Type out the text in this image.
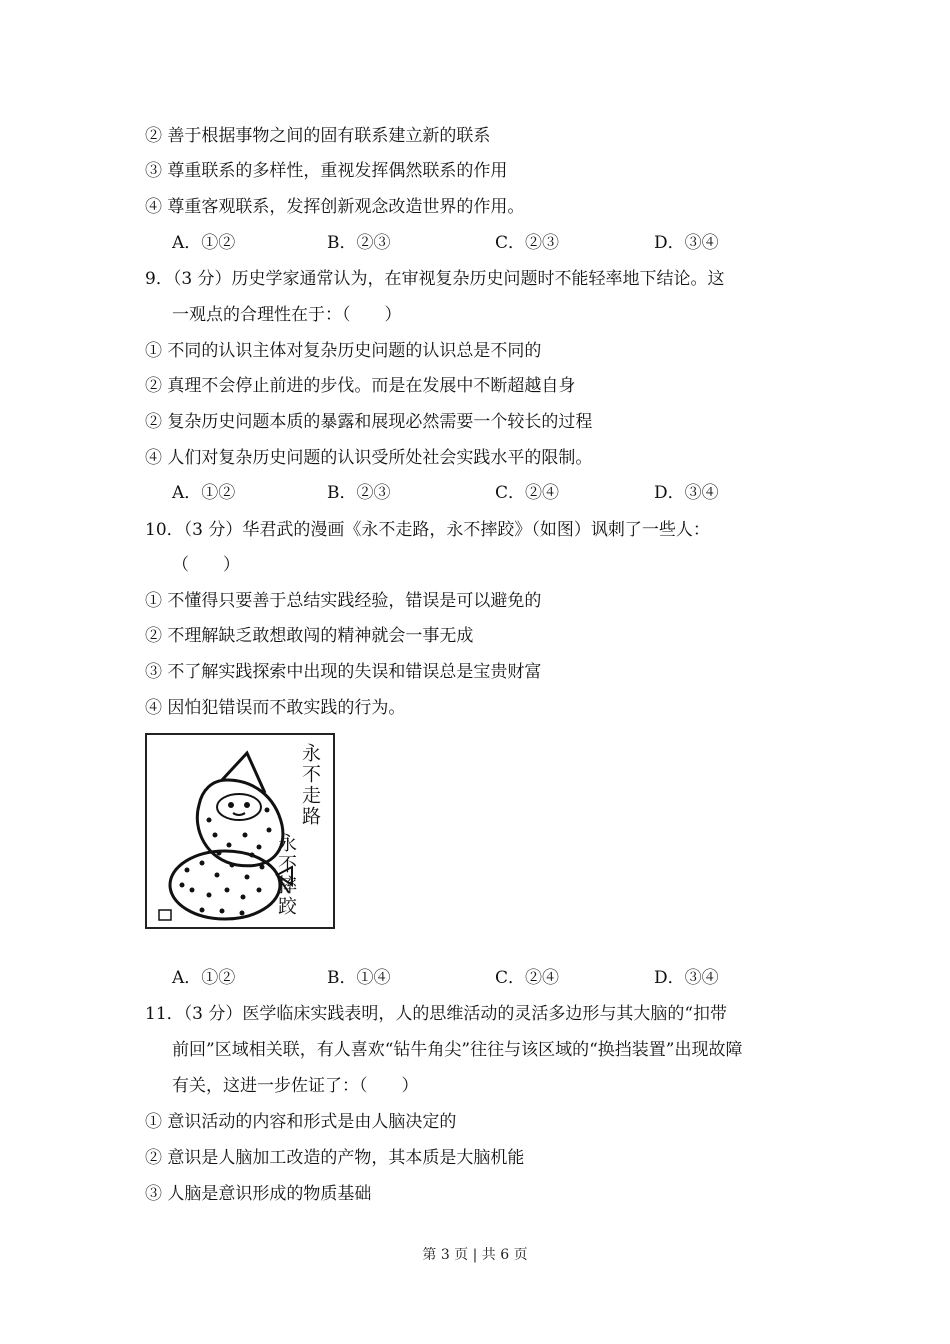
② 善于根据事物之间的固有联系建立新的联系
③ 尊重联系的多样性，重视发挥偶然联系的作用
④ 尊重客观联系，发挥创新观念改造世界的作用。
A．①②	B．②③	C．②③	D．③④
9．（3 分）历史学家通常认为，在审视复杂历史问题时不能轻率地下结论。这
一观点的合理性在于：（　　）
① 不同的认识主体对复杂历史问题的认识总是不同的
② 真理不会停止前进的步伐。而是在发展中不断超越自身
② 复杂历史问题本质的暴露和展现必然需要一个较长的过程
④ 人们对复杂历史问题的认识受所处社会实践水平的限制。
A．①②	B．②③	C．②④	D．③④
10．（3 分）华君武的漫画《永不走路，永不摔跤》（如图）讽刺了一些人：
（　　）
① 不懂得只要善于总结实践经验，错误是可以避免的
② 不理解缺乏敢想敢闯的精神就会一事无成
③ 不了解实践探索中出现的失误和错误总是宝贵财富
④ 因怕犯错误而不敢实践的行为。
永不走路
永不摔跤
A．①②	B．①④	C．②④	D．③④
11．（3 分）医学临床实践表明，人的思维活动的灵活多边形与其大脑的“扣带
前回”区域相关联，有人喜欢“钻牛角尖”往往与该区域的“换挡装置”出现故障
有关，这进一步佐证了：（　　）
① 意识活动的内容和形式是由人脑决定的
② 意识是人脑加工改造的产物，其本质是大脑机能
③ 人脑是意识形成的物质基础
第 3 页 | 共 6 页
